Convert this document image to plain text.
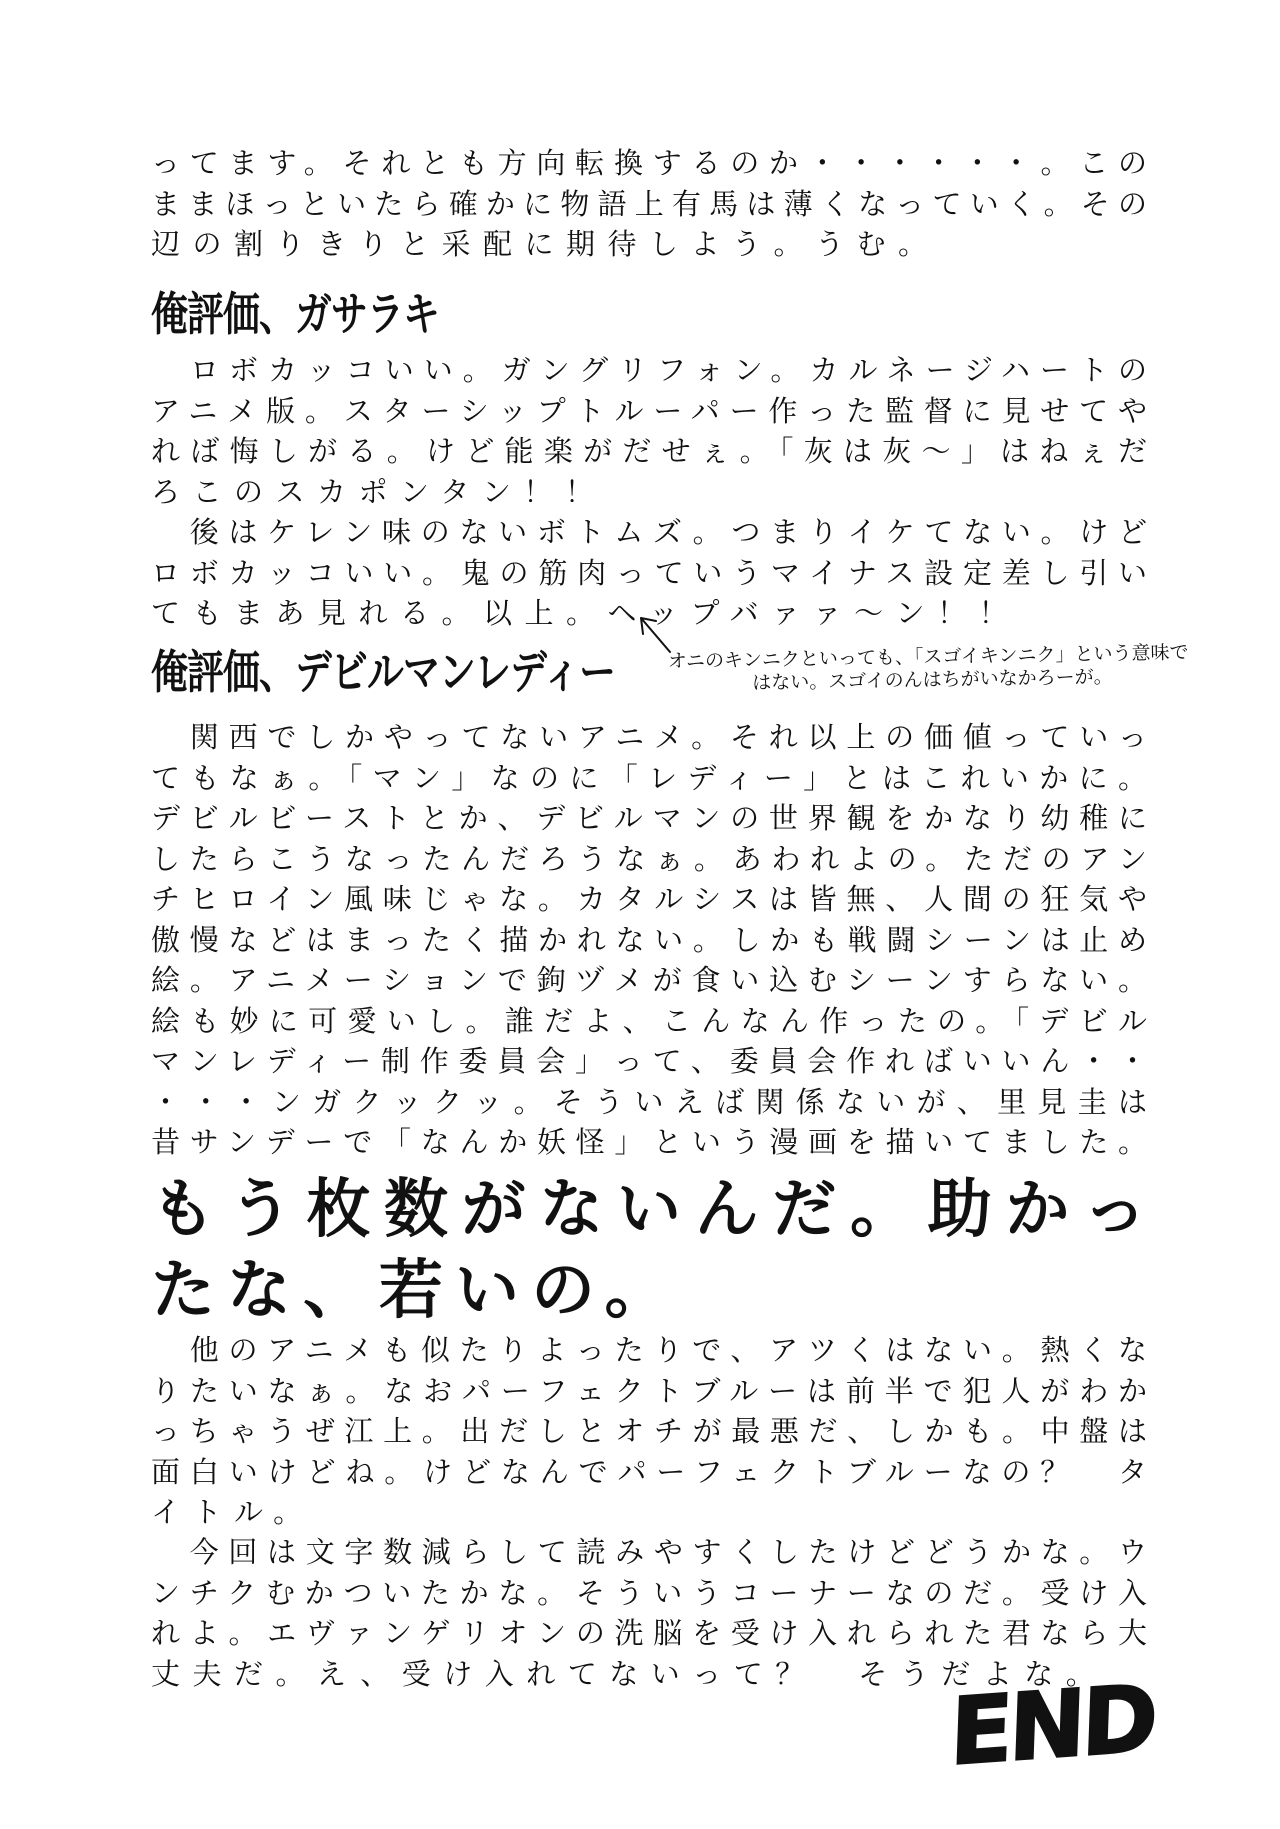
ってます。それとも方向転換するのか・・・・・・。この
ままほっといたら確かに物語上有馬は薄くなっていく。その
辺の割りきりと采配に期待しよう。うむ。
俺評価、ガサラキ
　ロボカッコいい。ガングリフォン。カルネージハートの
アニメ版。スターシップトルーパー作った監督に見せてや
れば悔しがる。けど能楽がだせぇ。「灰は灰～」はねぇだ
ろこのスカポンタン！！
　後はケレン味のないボトムズ。つまりイケてない。けど
ロボカッコいい。鬼の筋肉っていうマイナス設定差し引い
てもまあ見れる。以上。ヘップバァァ～ン！！
オニのキンニクといっても、「スゴイキンニク」という意味で
はない。スゴイのんはちがいなかろーが。
俺評価、デビルマンレディー
　関西でしかやってないアニメ。それ以上の価値っていっ
てもなぁ。「マン」なのに「レディー」とはこれいかに。
デビルビーストとか、デビルマンの世界観をかなり幼稚に
したらこうなったんだろうなぁ。あわれよの。ただのアン
チヒロイン風味じゃな。カタルシスは皆無、人間の狂気や
傲慢などはまったく描かれない。しかも戦闘シーンは止め
絵。アニメーションで鉤ヅメが食い込むシーンすらない。
絵も妙に可愛いし。誰だよ、こんなん作ったの。「デビル
マンレディー制作委員会」って、委員会作ればいいん・・
・・・ンガクックッ。そういえば関係ないが、里見圭は
昔サンデーで「なんか妖怪」という漫画を描いてました。
もう枚数がないんだ。助かっ
たな、若いの。
　他のアニメも似たりよったりで、アツくはない。熱くな
りたいなぁ。なおパーフェクトブルーは前半で犯人がわか
っちゃうぜ江上。出だしとオチが最悪だ、しかも。中盤は
面白いけどね。けどなんでパーフェクトブルーなの？　タ
イトル。
　今回は文字数減らして読みやすくしたけどどうかな。ウ
ンチクむかついたかな。そういうコーナーなのだ。受け入
れよ。エヴァンゲリオンの洗脳を受け入れられた君なら大
丈夫だ。え、受け入れてないって？　そうだよな。
END
